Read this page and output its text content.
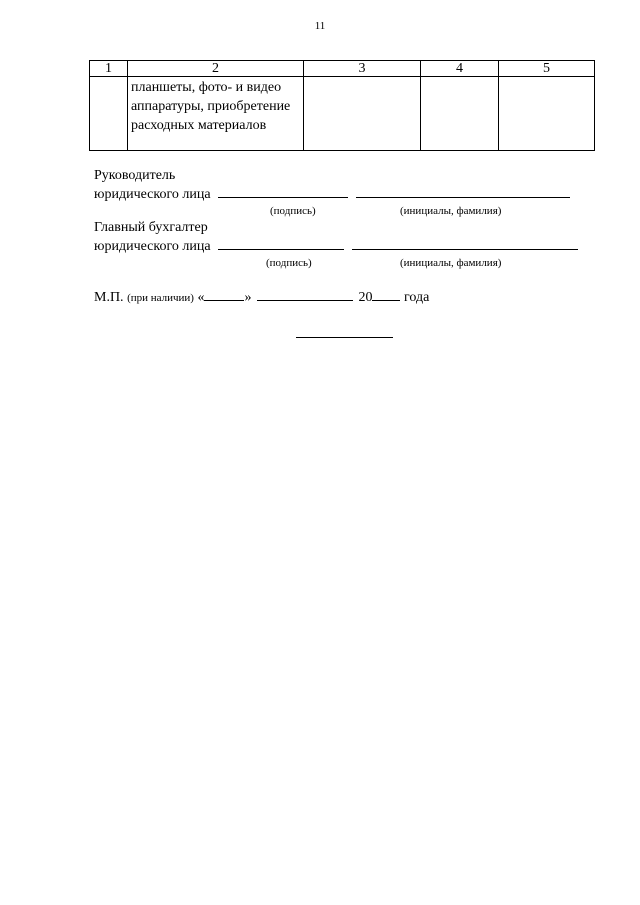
11
1	2	3	4	5
	планшеты, фото- и видео аппаратуры, приобретение расходных материалов			
Руководитель
юридического лица
(подпись)	(инициалы, фамилия)
Главный бухгалтер
юридического лица
(подпись)	(инициалы, фамилия)
М.П. (при наличии) «	»	20 года
